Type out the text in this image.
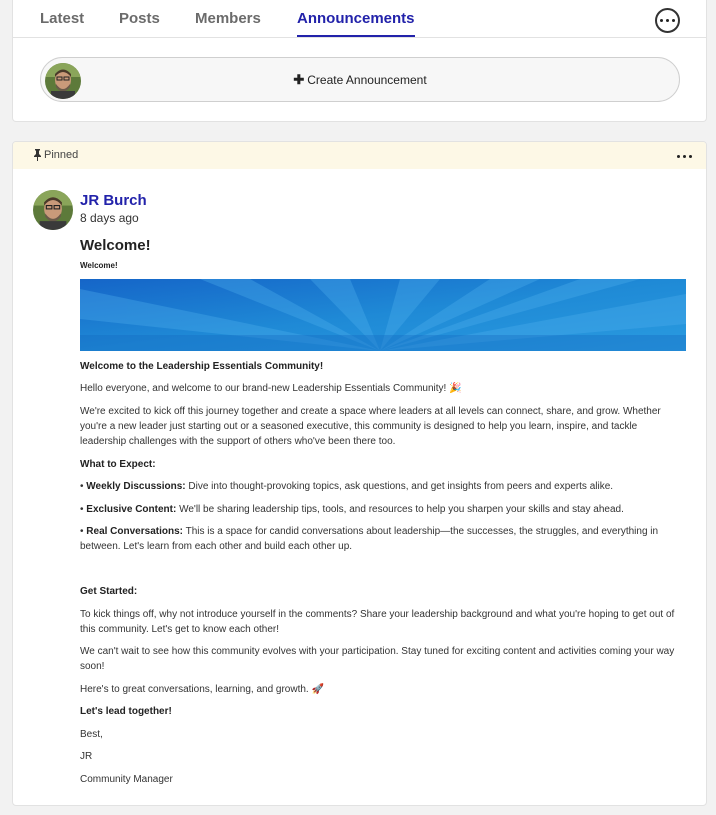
Latest Posts Members Announcements
✚ Create Announcement
Pinned
JR Burch
8 days ago
Welcome!
Welcome!
Welcome to the Leadership Essentials Community!
Hello everyone, and welcome to our brand-new Leadership Essentials Community! 🎉
We're excited to kick off this journey together and create a space where leaders at all levels can connect, share, and grow. Whether you're a new leader just starting out or a seasoned executive, this community is designed to help you learn, inspire, and tackle leadership challenges with the support of others who've been there too.
What to Expect:
• Weekly Discussions: Dive into thought-provoking topics, ask questions, and get insights from peers and experts alike.
• Exclusive Content: We'll be sharing leadership tips, tools, and resources to help you sharpen your skills and stay ahead.
• Real Conversations: This is a space for candid conversations about leadership—the successes, the struggles, and everything in between. Let's learn from each other and build each other up.
Get Started:
To kick things off, why not introduce yourself in the comments? Share your leadership background and what you're hoping to get out of this community. Let's get to know each other!
We can't wait to see how this community evolves with your participation. Stay tuned for exciting content and activities coming your way soon!
Here's to great conversations, learning, and growth. 🚀
Let's lead together!
Best,
JR
Community Manager
